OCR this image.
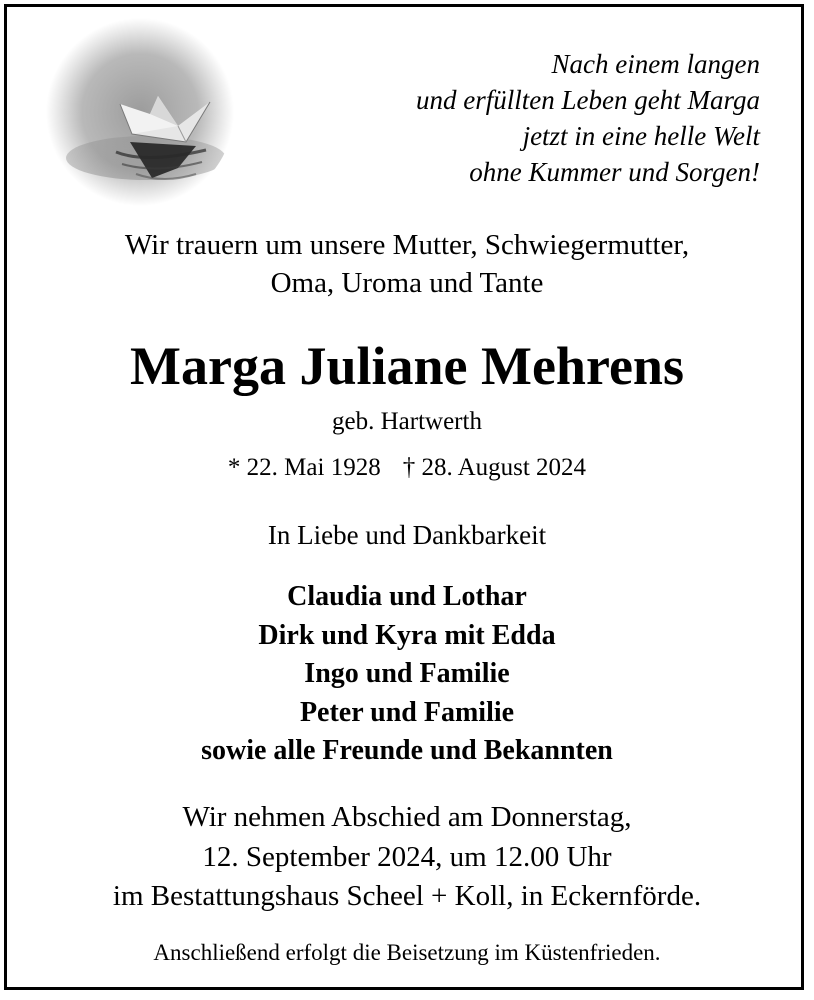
Nach einem langen
und erfüllten Leben geht Marga
jetzt in eine helle Welt
ohne Kummer und Sorgen!
Wir trauern um unsere Mutter, Schwiegermutter,
Oma, Uroma und Tante
Marga Juliane Mehrens
geb. Hartwerth
* 22. Mai 1928 † 28. August 2024
In Liebe und Dankbarkeit
Claudia und Lothar
Dirk und Kyra mit Edda
Ingo und Familie
Peter und Familie
sowie alle Freunde und Bekannten
Wir nehmen Abschied am Donnerstag,
12. September 2024, um 12.00 Uhr
im Bestattungshaus Scheel + Koll, in Eckernförde.
Anschließend erfolgt die Beisetzung im Küstenfrieden.
